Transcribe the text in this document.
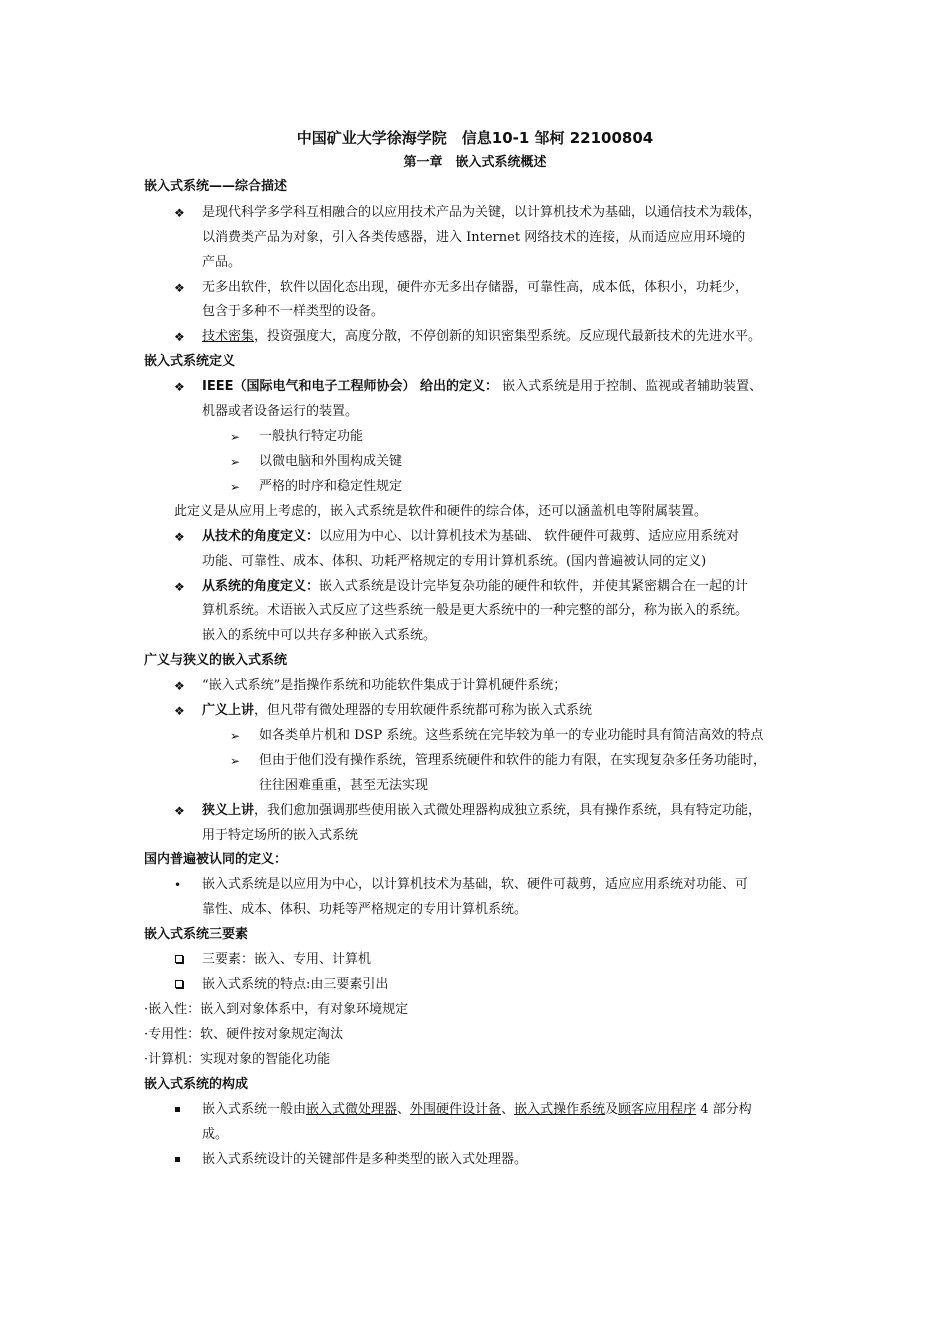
中国矿业大学徐海学院　信息10-1 邹柯 22100804
第一章　嵌入式系统概述
嵌入式系统——综合描述
❖ 是现代科学多学科互相融合的以应用技术产品为关键，以计算机技术为基础，以通信技术为载体，
以消费类产品为对象，引入各类传感器，进入 Internet 网络技术的连接，从而适应应用环境的
产品。
❖ 无多出软件，软件以固化态出现，硬件亦无多出存储器，可靠性高，成本低，体积小，功耗少，
包含于多种不一样类型的设备。
❖ 技术密集，投资强度大，高度分散，不停创新的知识密集型系统。反应现代最新技术的先进水平。
嵌入式系统定义
❖ IEEE（国际电气和电子工程师协会） 给出的定义： 嵌入式系统是用于控制、监视或者辅助装置、
机器或者设备运行的装置。
➢ 一般执行特定功能
➢ 以微电脑和外围构成关键
➢ 严格的时序和稳定性规定
此定义是从应用上考虑的，嵌入式系统是软件和硬件的综合体，还可以涵盖机电等附属装置。
❖ 从技术的角度定义：以应用为中心、以计算机技术为基础、 软件硬件可裁剪、适应应用系统对
功能、可靠性、成本、体积、功耗严格规定的专用计算机系统。(国内普遍被认同的定义)
❖ 从系统的角度定义：嵌入式系统是设计完毕复杂功能的硬件和软件，并使其紧密耦合在一起的计
算机系统。术语嵌入式反应了这些系统一般是更大系统中的一种完整的部分，称为嵌入的系统。
嵌入的系统中可以共存多种嵌入式系统。
广义与狭义的嵌入式系统
❖ “嵌入式系统”是指操作系统和功能软件集成于计算机硬件系统；
❖ 广义上讲，但凡带有微处理器的专用软硬件系统都可称为嵌入式系统
➢ 如各类单片机和 DSP 系统。这些系统在完毕较为单一的专业功能时具有简洁高效的特点
➢ 但由于他们没有操作系统，管理系统硬件和软件的能力有限，在实现复杂多任务功能时，
往往困难重重，甚至无法实现
❖ 狭义上讲，我们愈加强调那些使用嵌入式微处理器构成独立系统，具有操作系统，具有特定功能，
用于特定场所的嵌入式系统
国内普遍被认同的定义：
• 嵌入式系统是以应用为中心，以计算机技术为基础，软、硬件可裁剪，适应应用系统对功能、可
靠性、成本、体积、功耗等严格规定的专用计算机系统。
嵌入式系统三要素
三要素：嵌入、专用、计算机
嵌入式系统的特点:由三要素引出
·嵌入性：嵌入到对象体系中，有对象环境规定
·专用性：软、硬件按对象规定淘汰
·计算机：实现对象的智能化功能
嵌入式系统的构成
嵌入式系统一般由嵌入式微处理器、外围硬件设计备、嵌入式操作系统及顾客应用程序 4 部分构
成。
嵌入式系统设计的关键部件是多种类型的嵌入式处理器。
